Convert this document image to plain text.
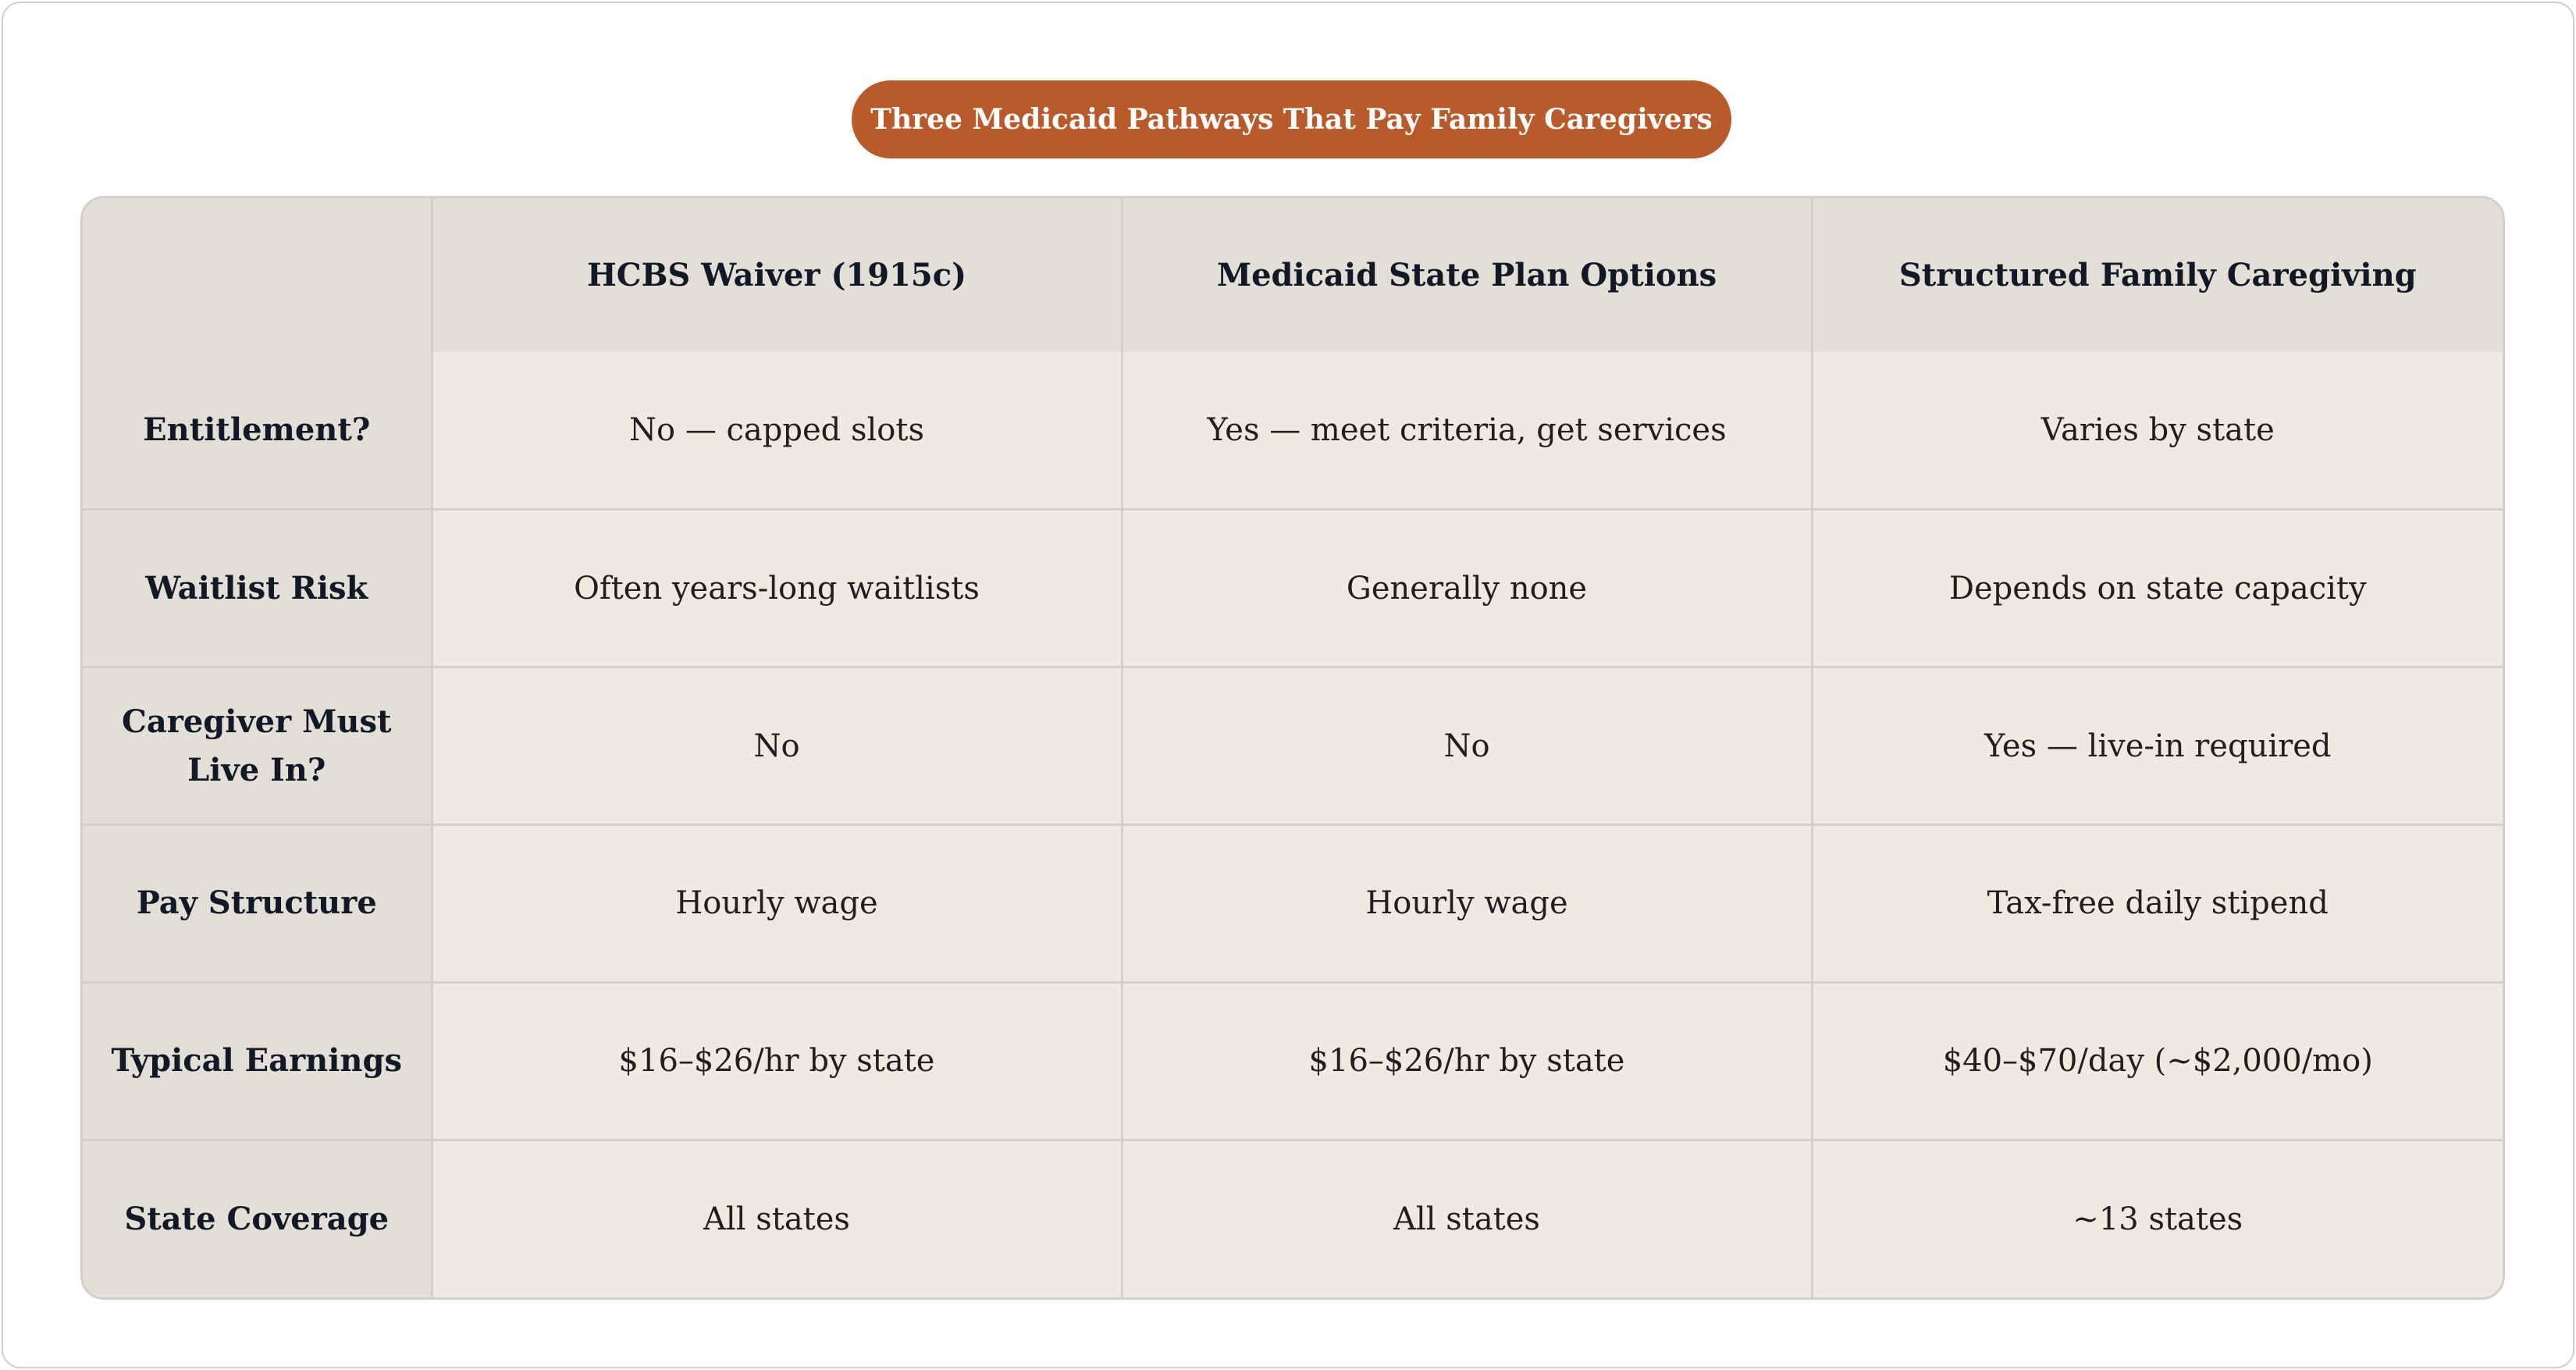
Three Medicaid Pathways That Pay Family Caregivers
	HCBS Waiver (1915c)	Medicaid State Plan Options	Structured Family Caregiving
Entitlement?	No — capped slots	Yes — meet criteria, get services	Varies by state
Waitlist Risk	Often years-long waitlists	Generally none	Depends on state capacity
Caregiver Must Live In?	No	No	Yes — live-in required
Pay Structure	Hourly wage	Hourly wage	Tax-free daily stipend
Typical Earnings	$16–$26/hr by state	$16–$26/hr by state	$40–$70/day (~$2,000/mo)
State Coverage	All states	All states	~13 states
